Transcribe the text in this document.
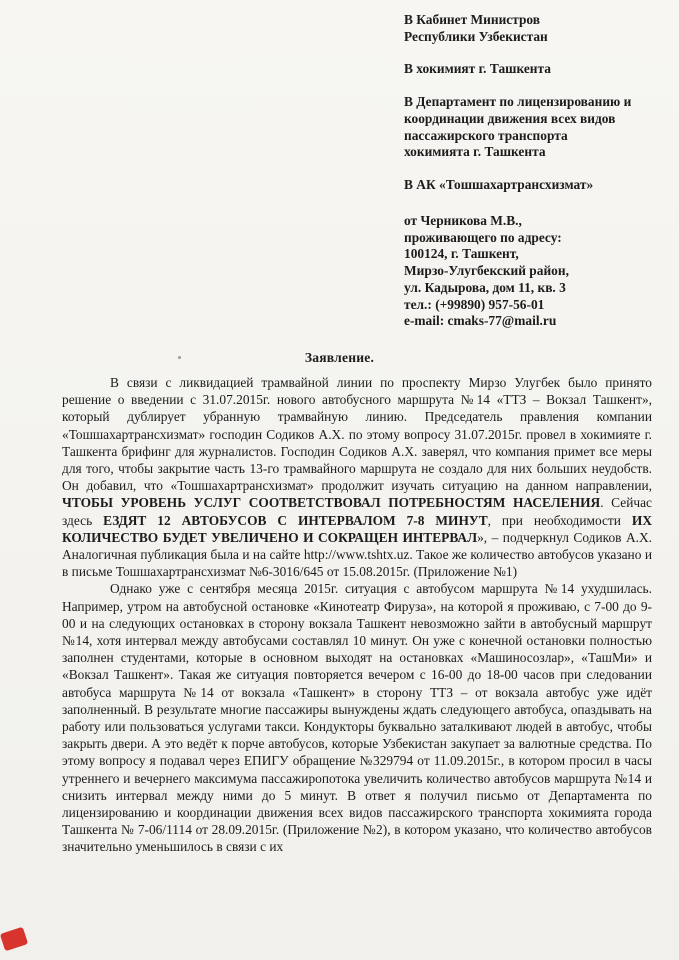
В Кабинет Министров
Республики Узбекистан
В хокимият г. Ташкента
В Департамент по лицензированию и
координации движения всех видов
пассажирского транспорта
хокимията г. Ташкента
В АК «Тошшахартрансхизмат»
от Черникова М.В.,
проживающего по адресу:
100124, г. Ташкент,
Мирзо-Улугбекский район,
ул. Кадырова, дом 11, кв. 3
тел.: (+99890) 957-56-01
e-mail: cmaks-77@mail.ru
Заявление.

В связи с ликвидацией трамвайной линии по проспекту Мирзо Улугбек было принято решение о введении с 31.07.2015г. нового автобусного маршрута №14 «ТТЗ – Вокзал Ташкент», который дублирует убранную трамвайную линию. Председатель правления компании «Тошшахартрансхизмат» господин Содиков А.Х. по этому вопросу 31.07.2015г. провел в хокимияте г. Ташкента брифинг для журналистов. Господин Содиков А.Х. заверял, что компания примет все меры для того, чтобы закрытие часть 13-го трамвайного маршрута не создало для них больших неудобств. Он добавил, что «Тошшахартрансхизмат» продолжит изучать ситуацию на данном направлении, ЧТОБЫ УРОВЕНЬ УСЛУГ СООТВЕТСТВОВАЛ ПОТРЕБНОСТЯМ НАСЕЛЕНИЯ. Сейчас здесь ЕЗДЯТ 12 АВТОБУСОВ С ИНТЕРВАЛОМ 7-8 МИНУТ, при необходимости ИХ КОЛИЧЕСТВО БУДЕТ УВЕЛИЧЕНО И СОКРАЩЕН ИНТЕРВАЛ», – подчеркнул Содиков А.Х. Аналогичная публикация была и на сайте http://www.tshtx.uz. Такое же количество автобусов указано и в письме Тошшахартрансхизмат №6-3016/645 от 15.08.2015г. (Приложение №1)

Однако уже с сентября месяца 2015г. ситуация с автобусом маршрута №14 ухудшилась. Например, утром на автобусной остановке «Кинотеатр Фируза», на которой я проживаю, с 7-00 до 9-00 и на следующих остановках в сторону вокзала Ташкент невозможно зайти в автобусный маршрут №14, хотя интервал между автобусами составлял 10 минут. Он уже с конечной остановки полностью заполнен студентами, которые в основном выходят на остановках «Машиносозлар», «ТашМи» и «Вокзал Ташкент». Такая же ситуация повторяется вечером с 16-00 до 18-00 часов при следовании автобуса маршрута №14 от вокзала «Ташкент» в сторону ТТЗ – от вокзала автобус уже идёт заполненный. В результате многие пассажиры вынуждены ждать следующего автобуса, опаздывать на работу или пользоваться услугами такси. Кондукторы буквально заталкивают людей в автобус, чтобы закрыть двери. А это ведёт к порче автобусов, которые Узбекистан закупает за валютные средства. По этому вопросу я подавал через ЕПИГУ обращение №329794 от 11.09.2015г., в котором просил в часы утреннего и вечернего максимума пассажиропотока увеличить количество автобусов маршрута №14 и снизить интервал между ними до 5 минут. В ответ я получил письмо от Департамента по лицензированию и координации движения всех видов пассажирского транспорта хокимията города Ташкента № 7-06/1114 от 28.09.2015г. (Приложение №2), в котором указано, что количество автобусов значительно уменьшилось в связи с их
